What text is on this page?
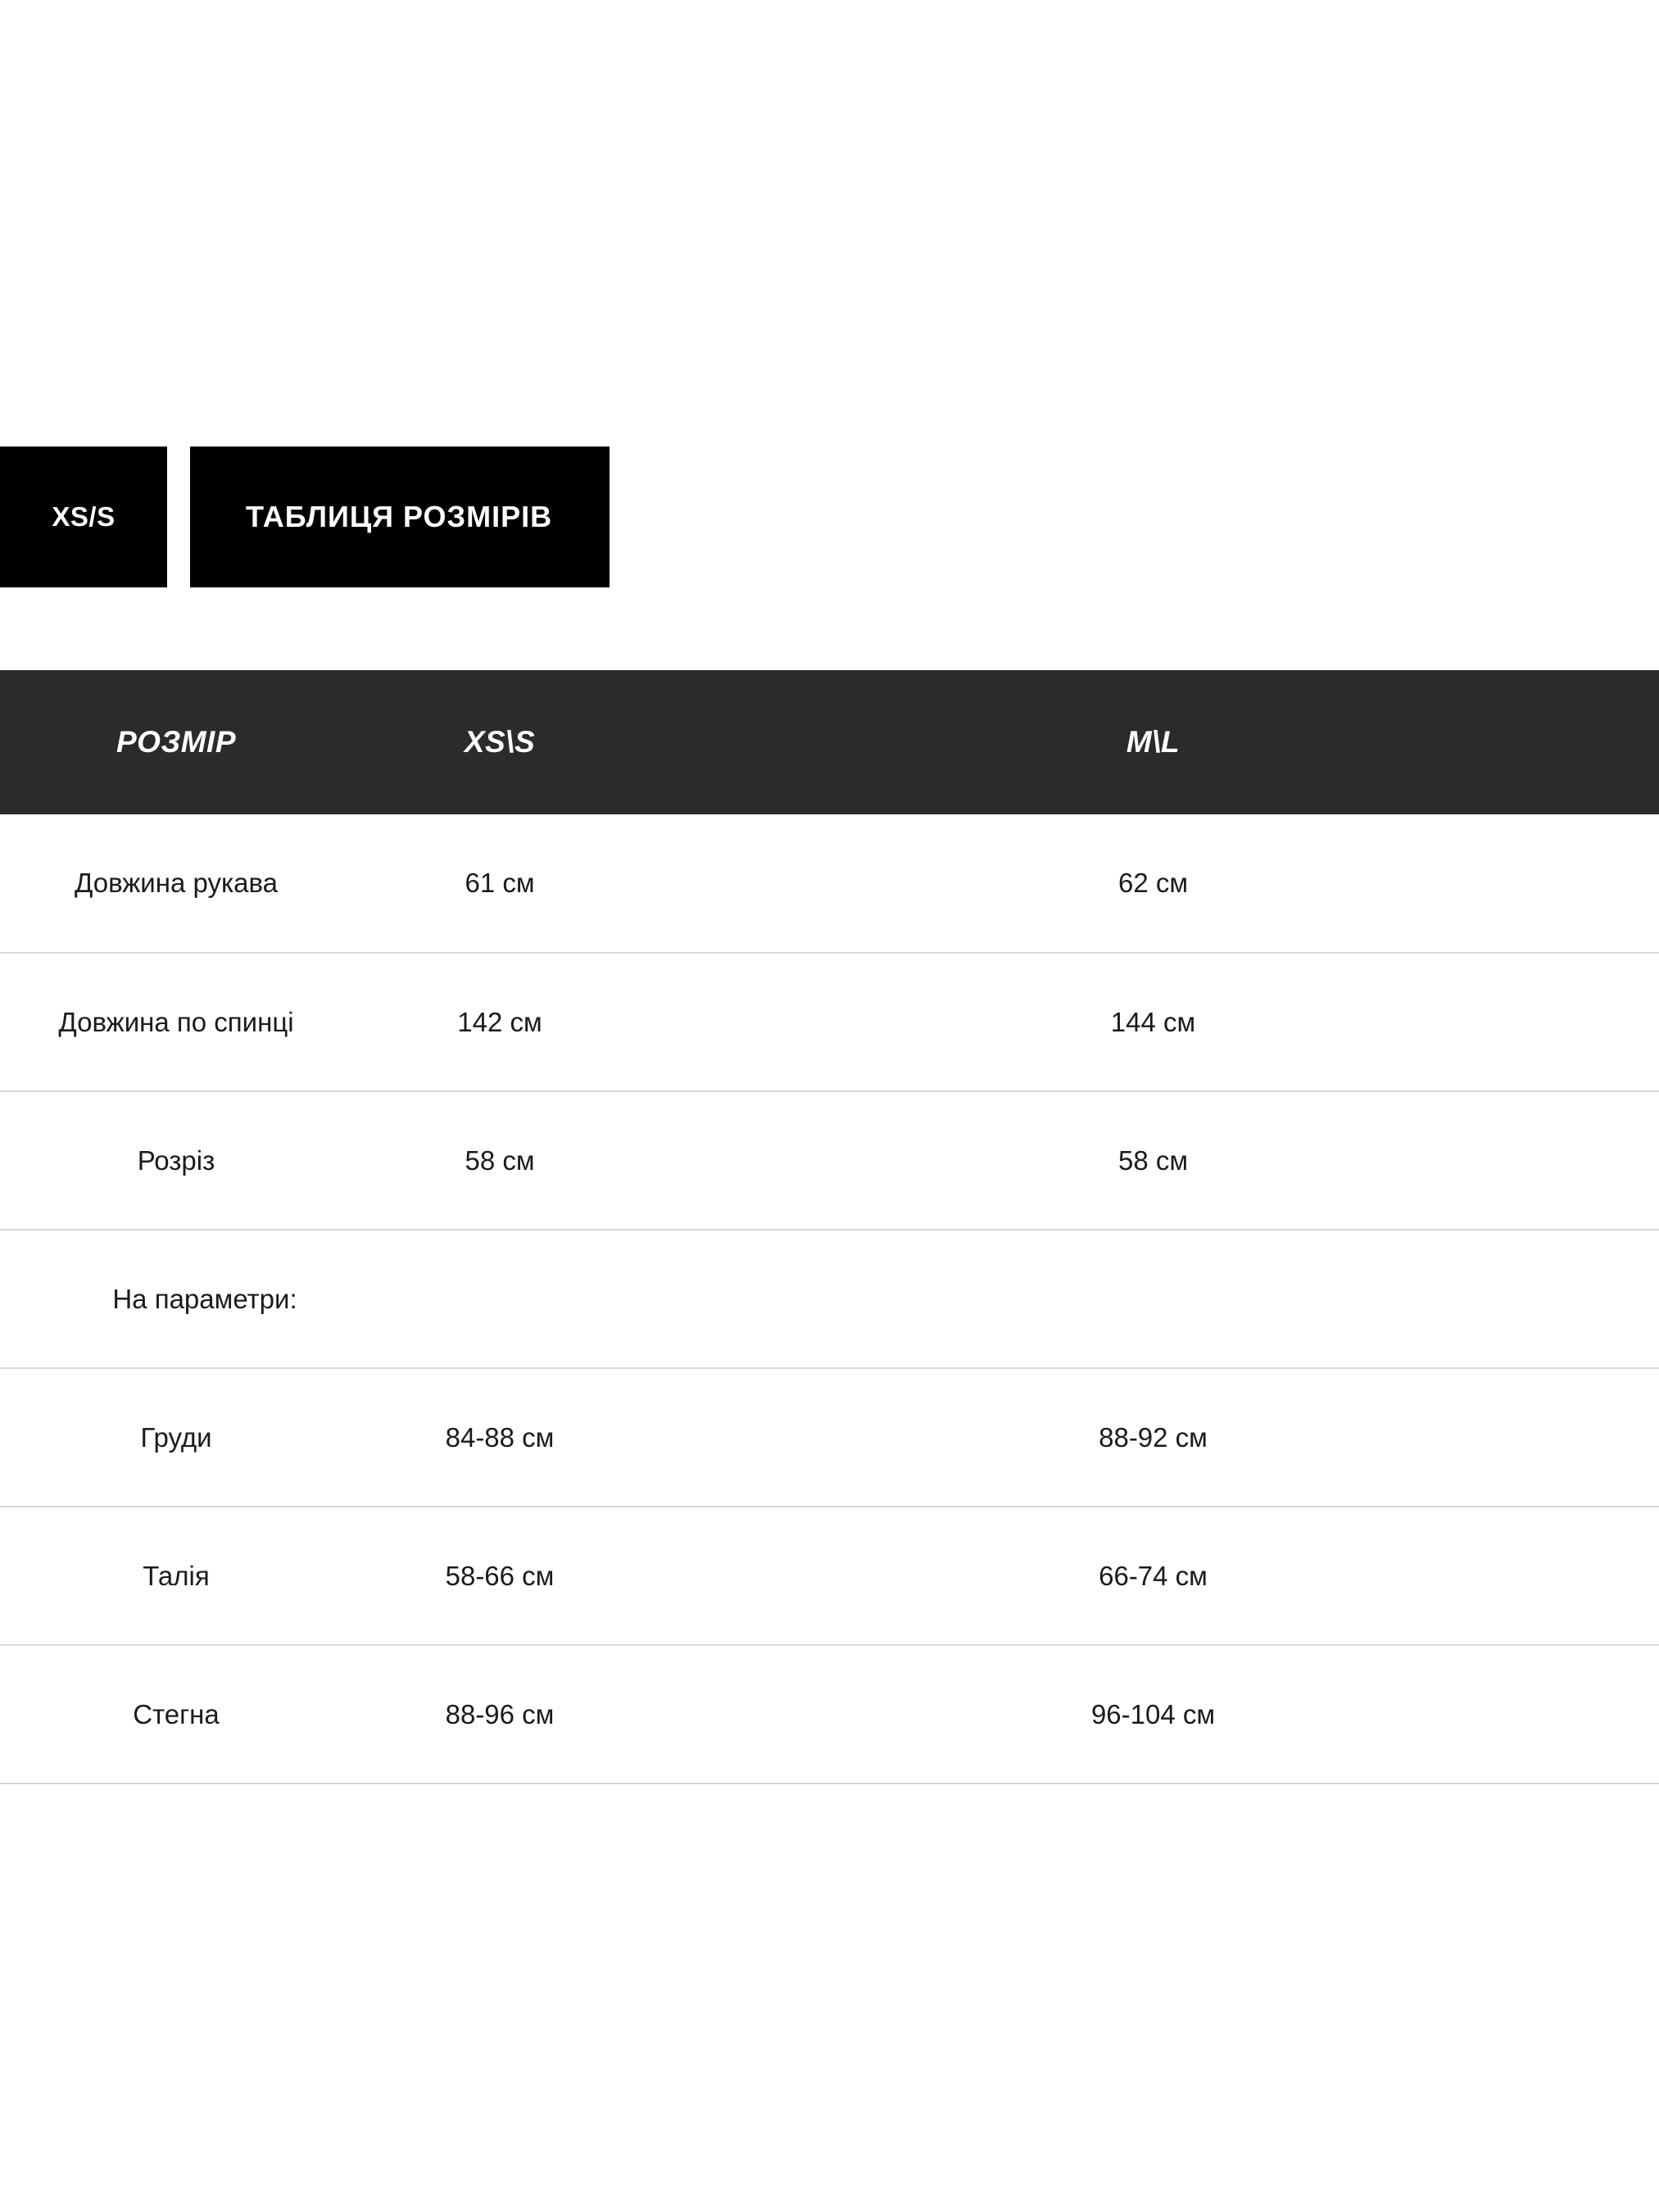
XS/S	ТАБЛИЦЯ РОЗМІРІВ
РОЗМІР	XS\S	M\L
Довжина рукава	61 см	62 см
Довжина по спинці	142 см	144 см
Розріз	58 см	58 см
На параметри:		
Груди	84-88 см	88-92 см
Талія	58-66 см	66-74 см
Стегна	88-96 см	96-104 см
